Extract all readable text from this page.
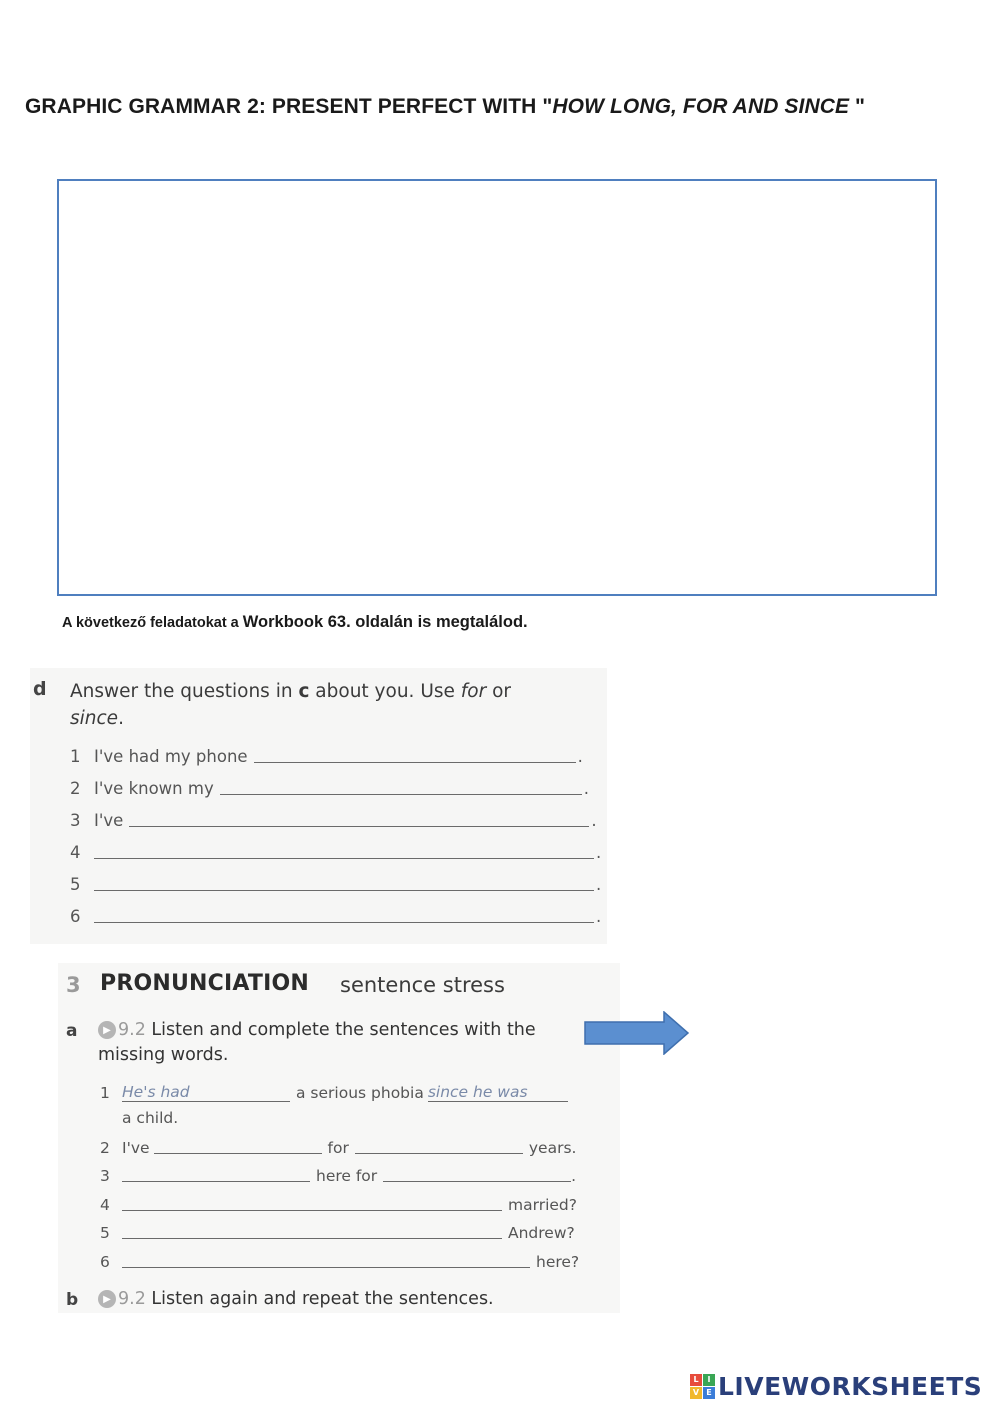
GRAPHIC GRAMMAR 2: PRESENT PERFECT WITH "HOW LONG, FOR AND SINCE "

A következő feladatokat a Workbook 63. oldalán is megtalálod.

d Answer the questions in c about you. Use for or
since.
1 I've had my phone	.
2 I've known my	.
3 I've	.
4	.
5	.
6	.
3 PRONUNCIATION sentence stress
a	▶ 9.2 Listen and complete the sentences with the missing words.
1 He's had	a serious phobia since he was
a child.
2 I've	for	years.
3	here for	.
4	married?
5	Andrew?
6	here?
b	▶ 9.2 Listen again and repeat the sentences.
L	I
V E LIVEWORKSHEETS
